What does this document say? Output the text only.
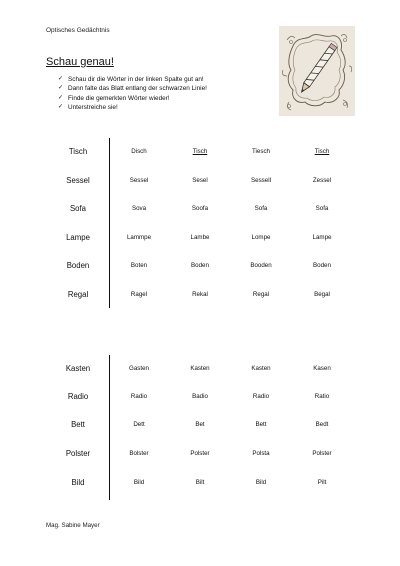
Optisches Gedächtnis
Schau genau!
✓ Schau dir die Wörter in der linken Spalte gut an!
✓ Dann falte das Blatt entlang der schwarzen Linie!
✓ Finde die gemerkten Wörter wieder!
✓ Unterstreiche sie!
Tisch	Disch	Tisch	Tiesch	Tisch
Sessel	Sessel	Sesel	Sessell	Zessel
Sofa	Sova	Soofa	Sofa	Sofa
Lampe	Lammpe	Lambe	Lompe	Lampe
Boden	Boten	Boden	Booden	Boden
Regal	Ragel	Rekal	Regal	Begal
Kasten	Gasten	Kasten	Kasten	Kasen
Radio	Radio	Badio	Radio	Ratio
Bett	Dett	Bet	Bett	Bedt
Polster	Bolster	Polster	Polsta	Polster
Bild	Bild	Bilt	Bild	Pilt
Mag. Sabine Mayer
